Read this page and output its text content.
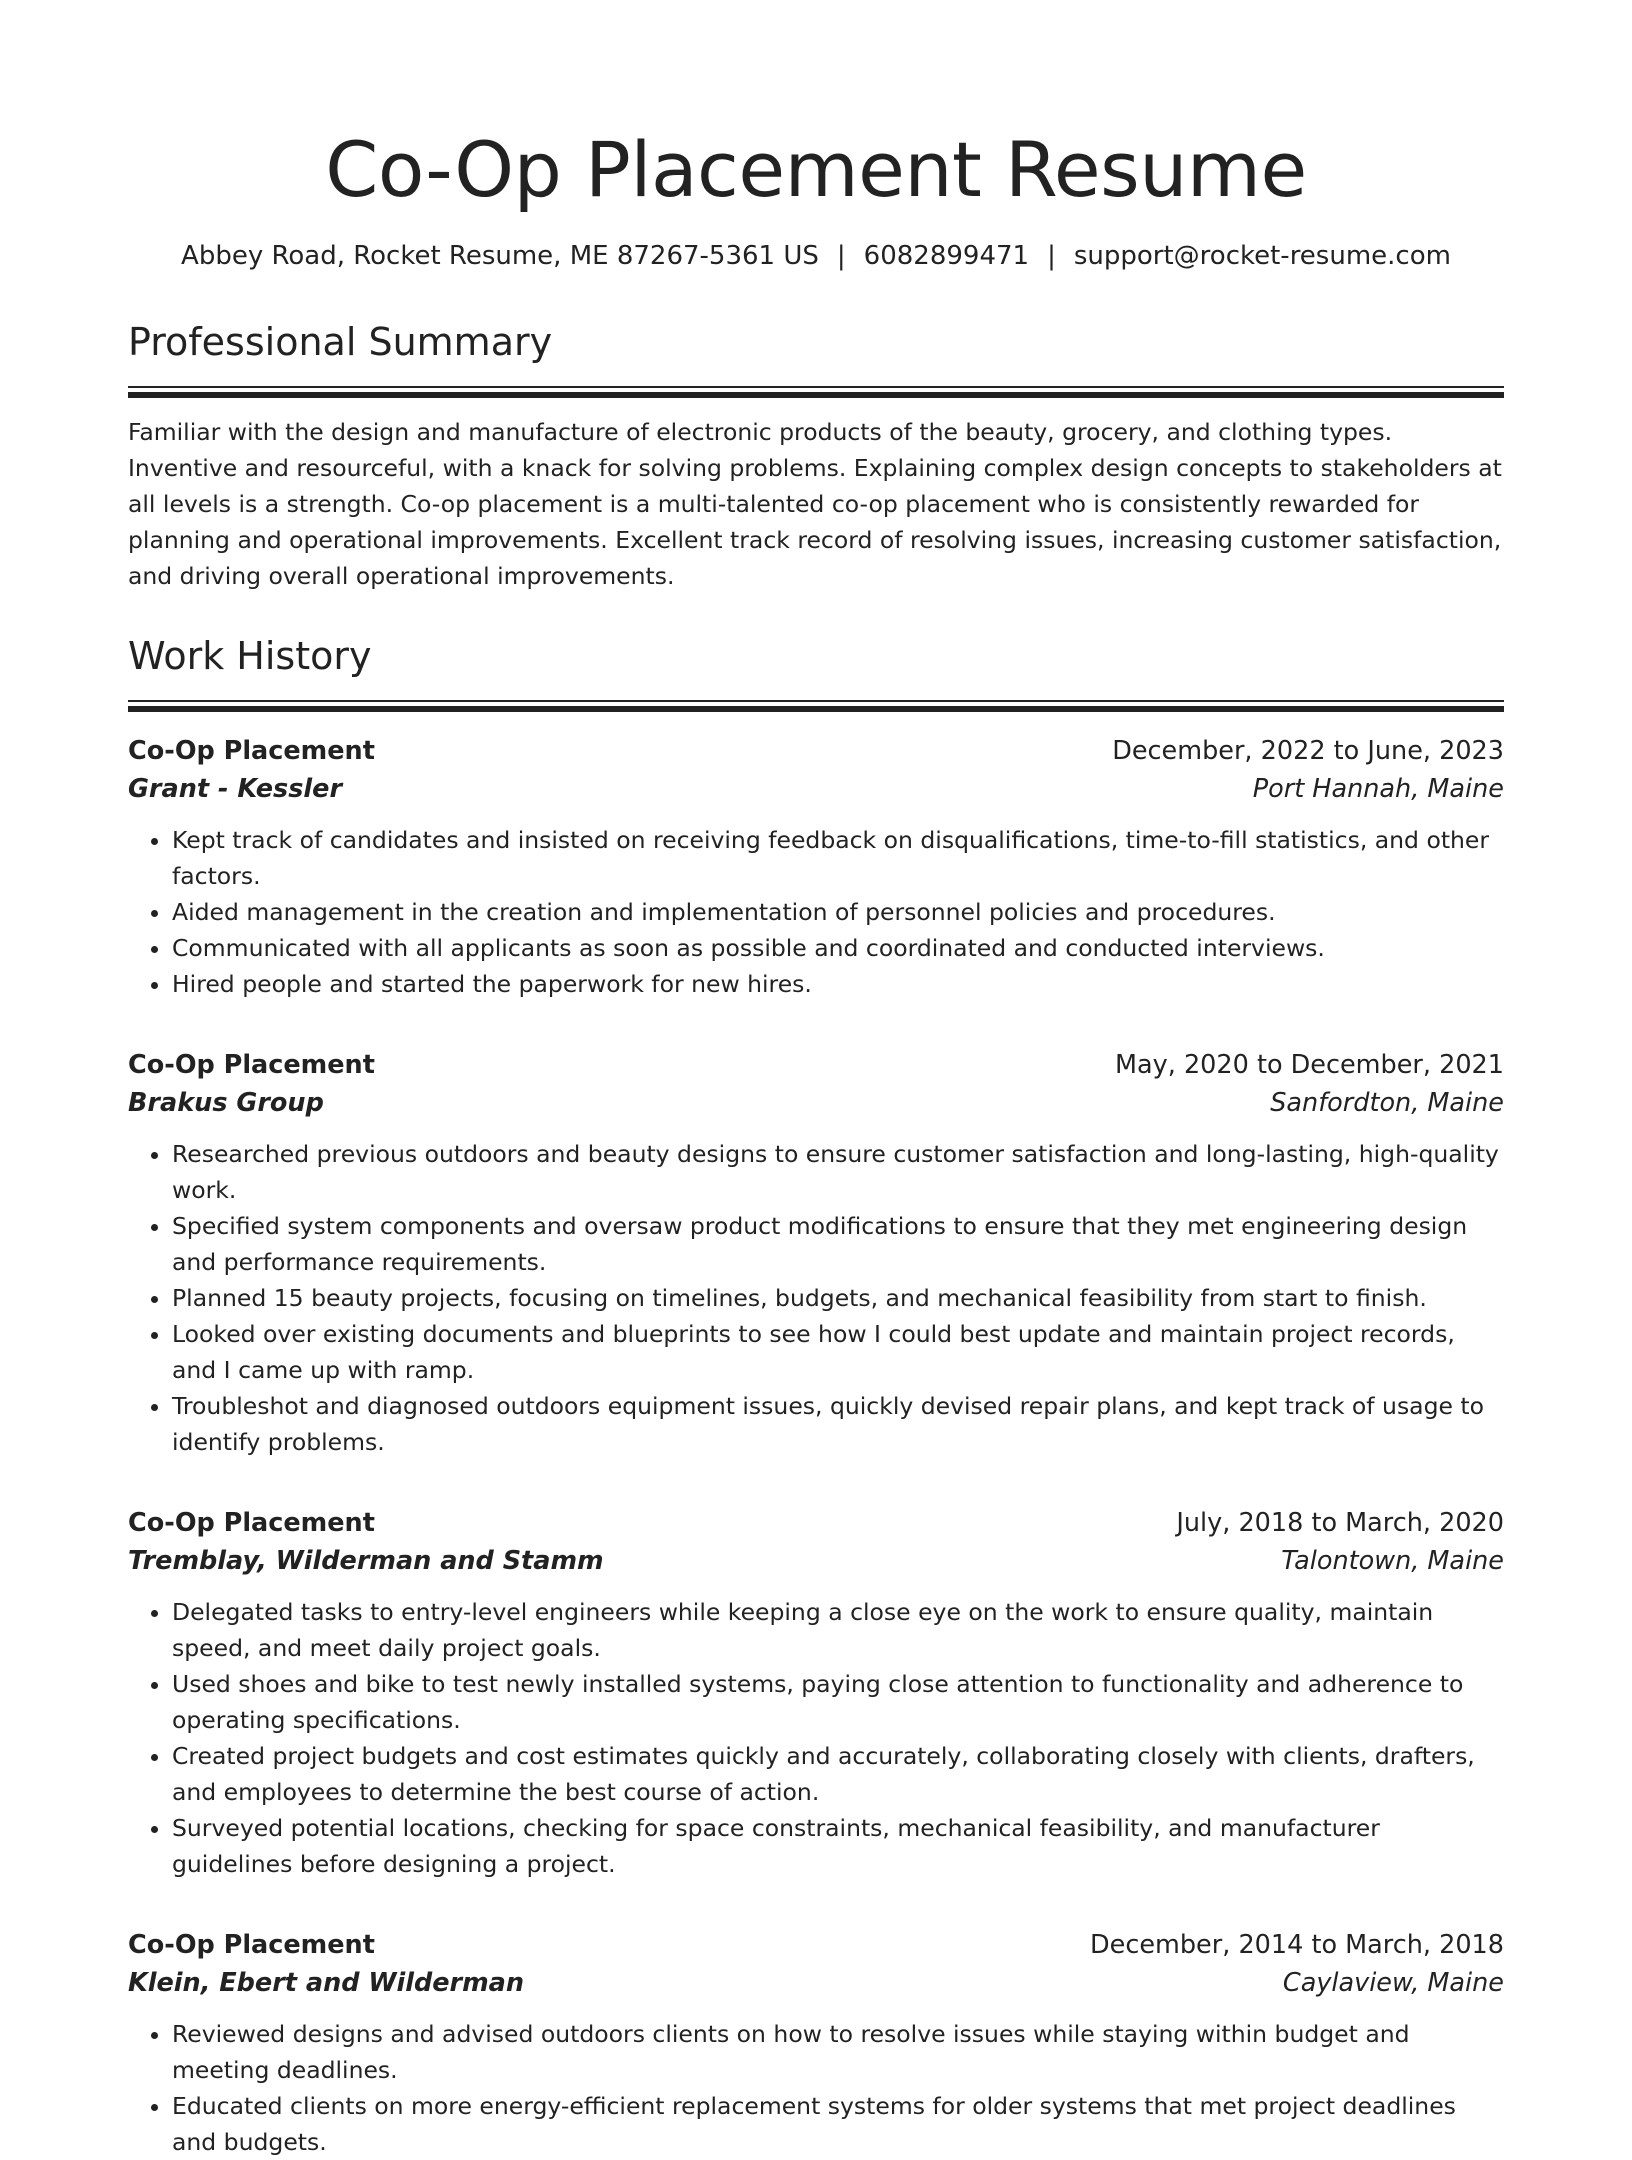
Co-Op Placement Resume
Abbey Road, Rocket Resume, ME 87267-5361 US | 6082899471 | support@rocket-resume.com
Professional Summary

Familiar with the design and manufacture of electronic products of the beauty, grocery, and clothing types. Inventive and resourceful, with a knack for solving problems. Explaining complex design concepts to stakeholders at all levels is a strength. Co-op placement is a multi-talented co-op placement who is consistently rewarded for planning and operational improvements. Excellent track record of resolving issues, increasing customer satisfaction, and driving overall operational improvements.

Work History
Co-Op Placement	December, 2022 to June, 2023
Grant - Kessler	Port Hannah, Maine
• Kept track of candidates and insisted on receiving feedback on disqualifications, time-to-fill statistics, and other factors.
• Aided management in the creation and implementation of personnel policies and procedures.
• Communicated with all applicants as soon as possible and coordinated and conducted interviews.
• Hired people and started the paperwork for new hires.
Co-Op Placement	May, 2020 to December, 2021
Brakus Group	Sanfordton, Maine
• Researched previous outdoors and beauty designs to ensure customer satisfaction and long-lasting, high-quality work.
• Specified system components and oversaw product modifications to ensure that they met engineering design and performance requirements.
• Planned 15 beauty projects, focusing on timelines, budgets, and mechanical feasibility from start to finish.
• Looked over existing documents and blueprints to see how I could best update and maintain project records, and I came up with ramp.
• Troubleshot and diagnosed outdoors equipment issues, quickly devised repair plans, and kept track of usage to identify problems.
Co-Op Placement	July, 2018 to March, 2020
Tremblay, Wilderman and Stamm	Talontown, Maine
• Delegated tasks to entry-level engineers while keeping a close eye on the work to ensure quality, maintain speed, and meet daily project goals.
• Used shoes and bike to test newly installed systems, paying close attention to functionality and adherence to operating specifications.
• Created project budgets and cost estimates quickly and accurately, collaborating closely with clients, drafters, and employees to determine the best course of action.
• Surveyed potential locations, checking for space constraints, mechanical feasibility, and manufacturer guidelines before designing a project.
Co-Op Placement	December, 2014 to March, 2018
Klein, Ebert and Wilderman	Caylaview, Maine
• Reviewed designs and advised outdoors clients on how to resolve issues while staying within budget and meeting deadlines.
• Educated clients on more energy-efficient replacement systems for older systems that met project deadlines and budgets.
